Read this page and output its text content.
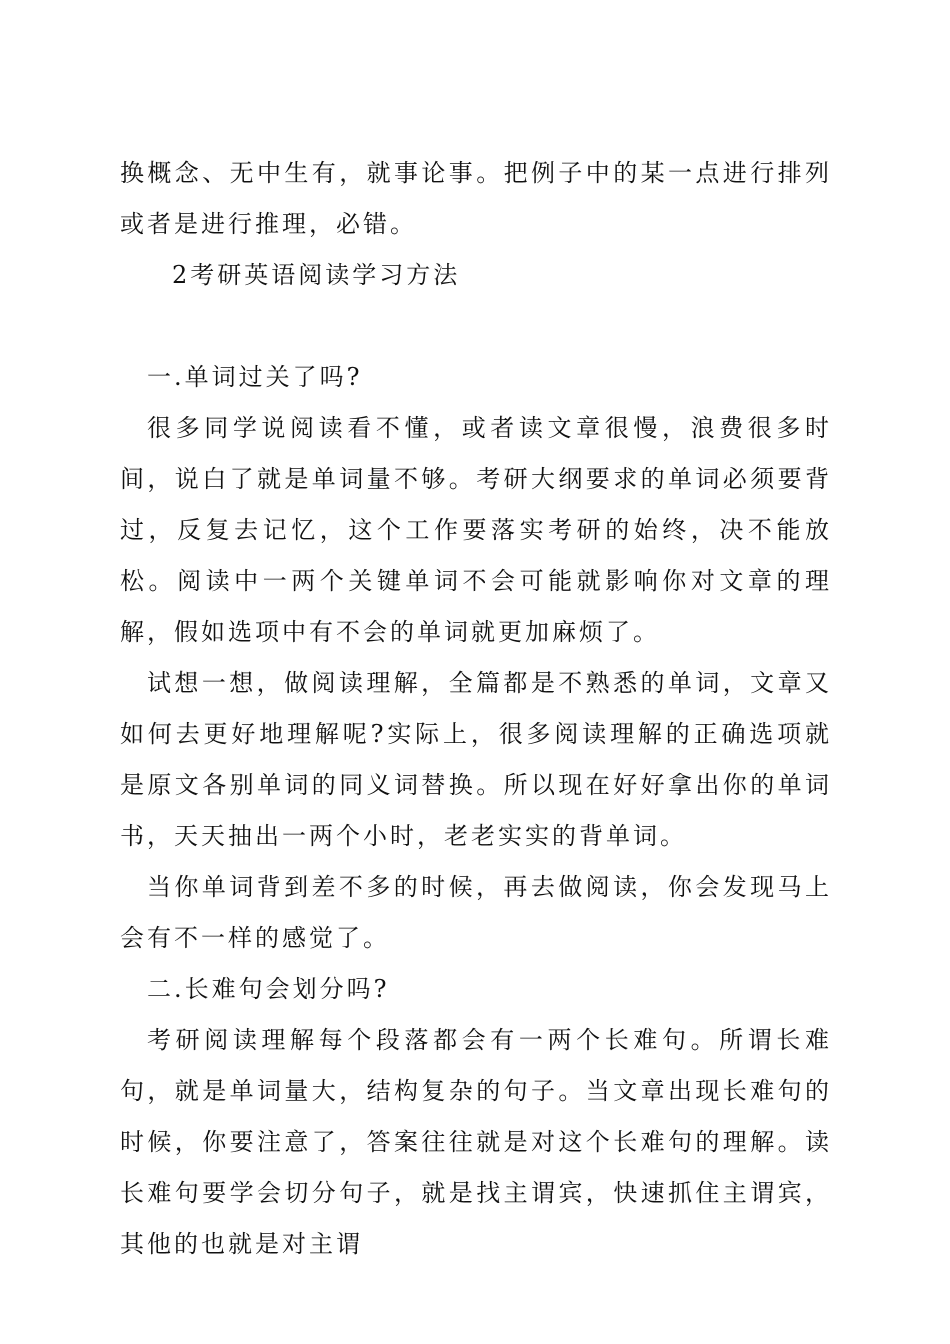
换概念、无中生有，就事论事。把例子中的某一点进行排列 或者是进行推理，必错。

2考研英语阅读学习方法

一.单词过关了吗?

很多同学说阅读看不懂，或者读文章很慢，浪费很多时间，说白了就是单词量不够。考研大纲要求的单词必须要背过，反复去记忆，这个工作要落实考研的始终，决不能放松。阅读中一两个关键单词不会可能就影响你对文章的理解，假如选项中有不会的单词就更加麻烦了。

试想一想，做阅读理解，全篇都是不熟悉的单词，文章又如何去更好地理解呢?实际上，很多阅读理解的正确选项就是原文各别单词的同义词替换。所以现在好好拿出你的单词书，天天抽出一两个小时，老老实实的背单词。

当你单词背到差不多的时候，再去做阅读，你会发现马上会有不一样的感觉了。

二.长难句会划分吗?

考研阅读理解每个段落都会有一两个长难句。所谓长难句，就是单词量大，结构复杂的句子。当文章出现长难句的时候，你要注意了，答案往往就是对这个长难句的理解。读长难句要学会切分句子，就是找主谓宾，快速抓住主谓宾，其他的也就是对主谓
